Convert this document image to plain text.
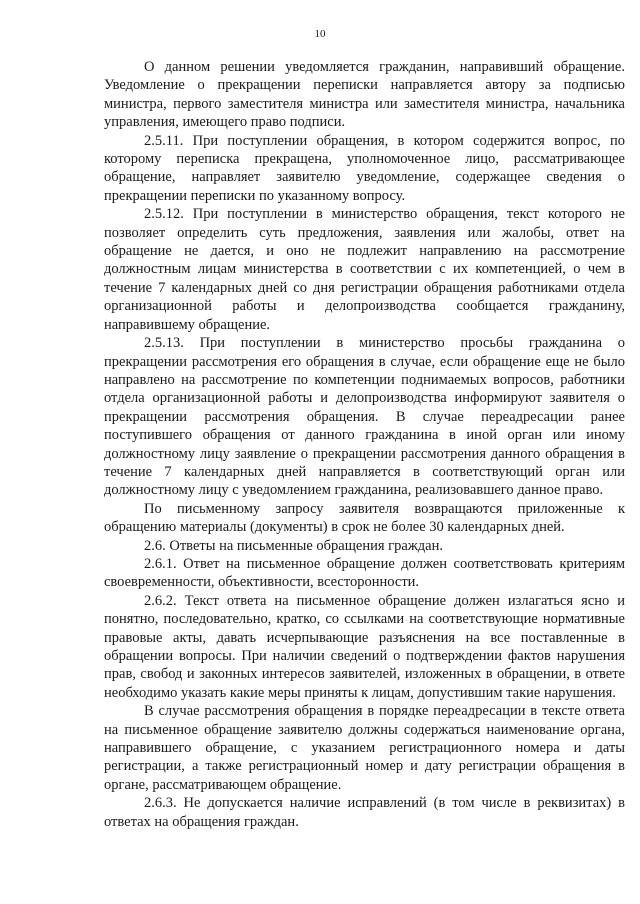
10

О данном решении уведомляется гражданин, направивший обращение. Уведомление о прекращении переписки направляется автору за подписью министра, первого заместителя министра или заместителя министра, начальника управления, имеющего право подписи.

2.5.11. При поступлении обращения, в котором содержится вопрос, по которому переписка прекращена, уполномоченное лицо, рассматривающее обращение, направляет заявителю уведомление, содержащее сведения о прекращении переписки по указанному вопросу.

2.5.12. При поступлении в министерство обращения, текст которого не позволяет определить суть предложения, заявления или жалобы, ответ на обращение не дается, и оно не подлежит направлению на рассмотрение должностным лицам министерства в соответствии с их компетенцией, о чем в течение 7 календарных дней со дня регистрации обращения работниками отдела организационной работы и делопроизводства сообщается гражданину, направившему обращение.

2.5.13. При поступлении в министерство просьбы гражданина о прекращении рассмотрения его обращения в случае, если обращение еще не было направлено на рассмотрение по компетенции поднимаемых вопросов, работники отдела организационной работы и делопроизводства информируют заявителя о прекращении рассмотрения обращения. В случае переадресации ранее поступившего обращения от данного гражданина в иной орган или иному должностному лицу заявление о прекращении рассмотрения данного обращения в течение 7 календарных дней направляется в соответствующий орган или должностному лицу с уведомлением гражданина, реализовавшего данное право.

По письменному запросу заявителя возвращаются приложенные к обращению материалы (документы) в срок не более 30 календарных дней.

2.6. Ответы на письменные обращения граждан.

2.6.1. Ответ на письменное обращение должен соответствовать критериям своевременности, объективности, всесторонности.

2.6.2. Текст ответа на письменное обращение должен излагаться ясно и понятно, последовательно, кратко, со ссылками на соответствующие нормативные правовые акты, давать исчерпывающие разъяснения на все поставленные в обращении вопросы. При наличии сведений о подтверждении фактов нарушения прав, свобод и законных интересов заявителей, изложенных в обращении, в ответе необходимо указать какие меры приняты к лицам, допустившим такие нарушения.

В случае рассмотрения обращения в порядке переадресации в тексте ответа на письменное обращение заявителю должны содержаться наименование органа, направившего обращение, с указанием регистрационного номера и даты регистрации, а также регистрационный номер и дату регистрации обращения в органе, рассматривающем обращение.

2.6.3. Не допускается наличие исправлений (в том числе в реквизитах) в ответах на обращения граждан.
